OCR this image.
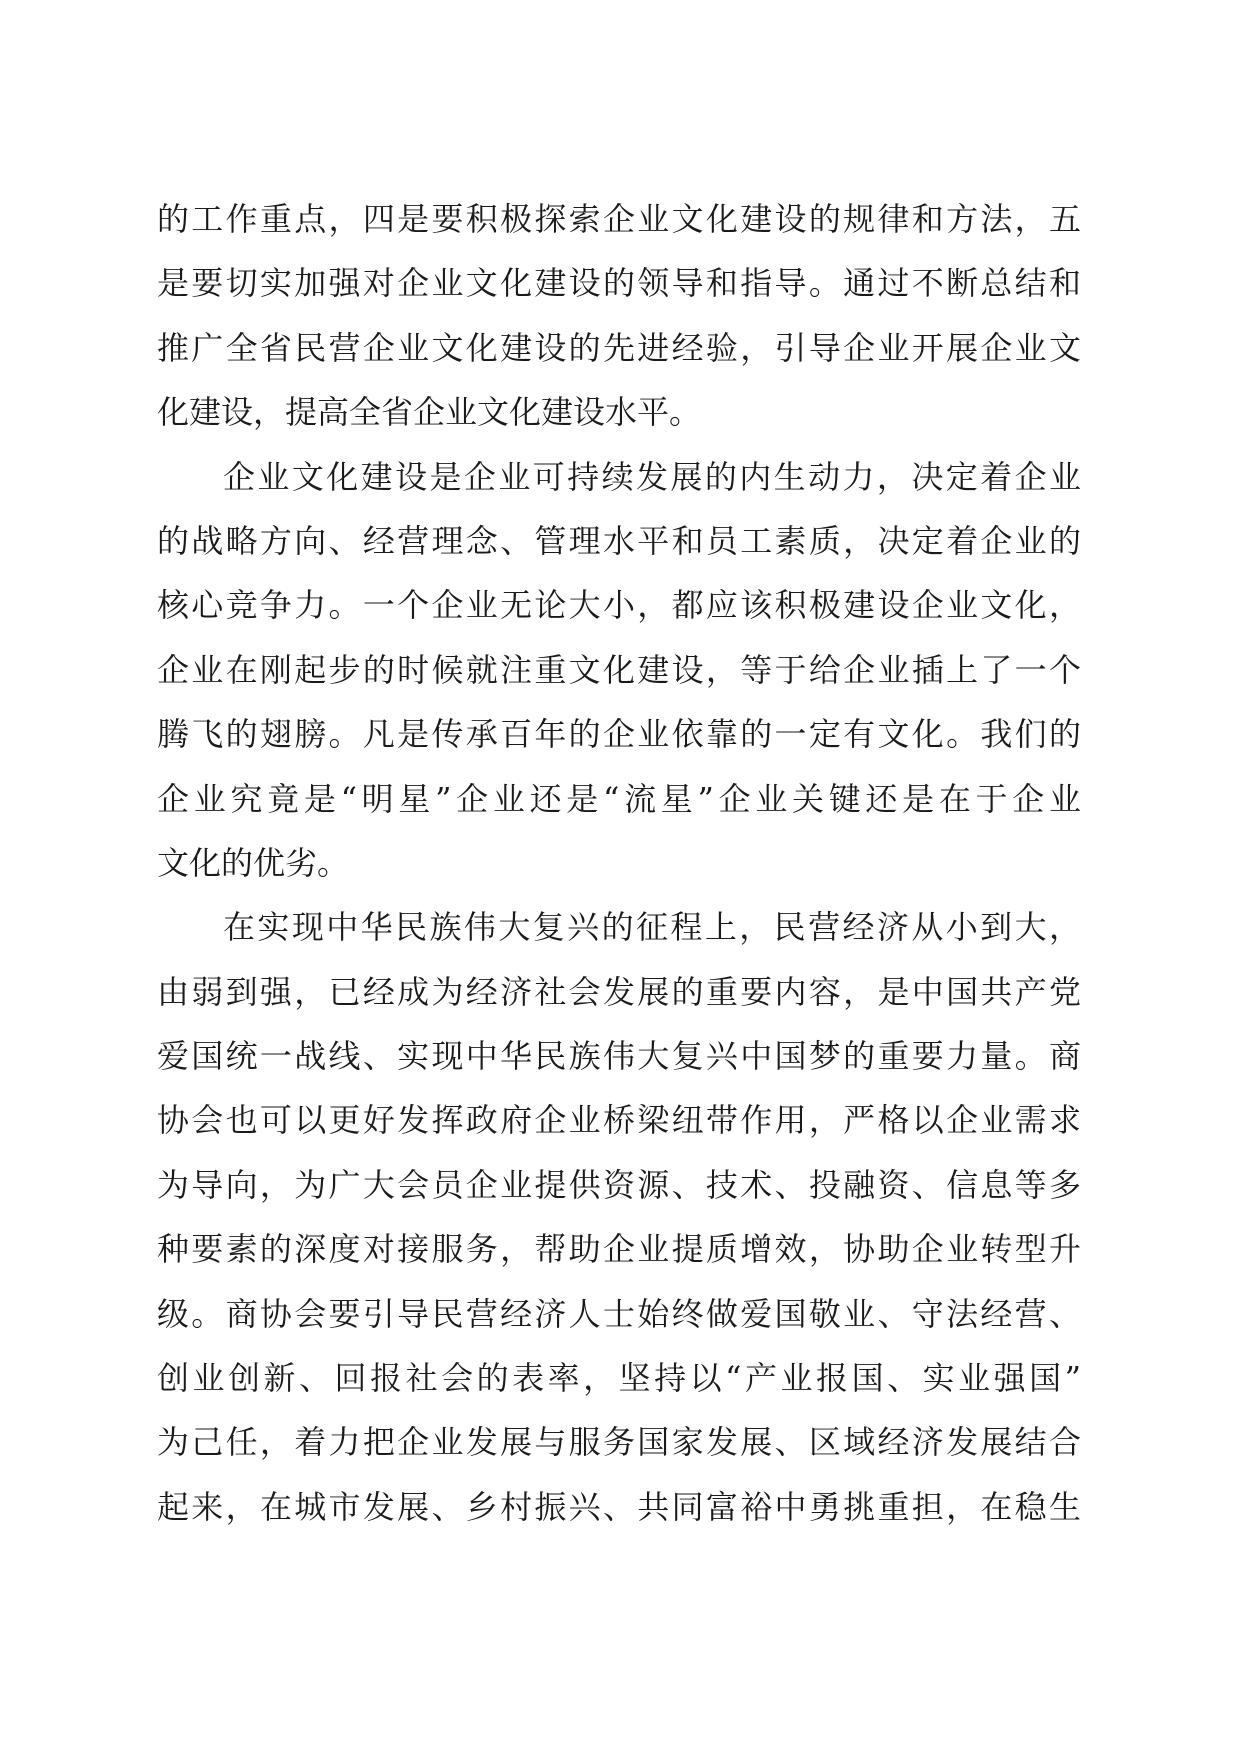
的工作重点，四是要积极探索企业文化建设的规律和方法，五
是要切实加强对企业文化建设的领导和指导。通过不断总结和
推广全省民营企业文化建设的先进经验，引导企业开展企业文
化建设，提高全省企业文化建设水平。
企业文化建设是企业可持续发展的内生动力，决定着企业
的战略方向、经营理念、管理水平和员工素质，决定着企业的
核心竞争力。一个企业无论大小，都应该积极建设企业文化，
企业在刚起步的时候就注重文化建设，等于给企业插上了一个
腾飞的翅膀。凡是传承百年的企业依靠的一定有文化。我们的
企业究竟是“明星”企业还是“流星”企业关键还是在于企业
文化的优劣。
在实现中华民族伟大复兴的征程上，民营经济从小到大，
由弱到强，已经成为经济社会发展的重要内容，是中国共产党
爱国统一战线、实现中华民族伟大复兴中国梦的重要力量。商
协会也可以更好发挥政府企业桥梁纽带作用，严格以企业需求
为导向，为广大会员企业提供资源、技术、投融资、信息等多
种要素的深度对接服务，帮助企业提质增效，协助企业转型升
级。商协会要引导民营经济人士始终做爱国敬业、守法经营、
创业创新、回报社会的表率，坚持以“产业报国、实业强国”
为己任，着力把企业发展与服务国家发展、区域经济发展结合
起来，在城市发展、乡村振兴、共同富裕中勇挑重担，在稳生
